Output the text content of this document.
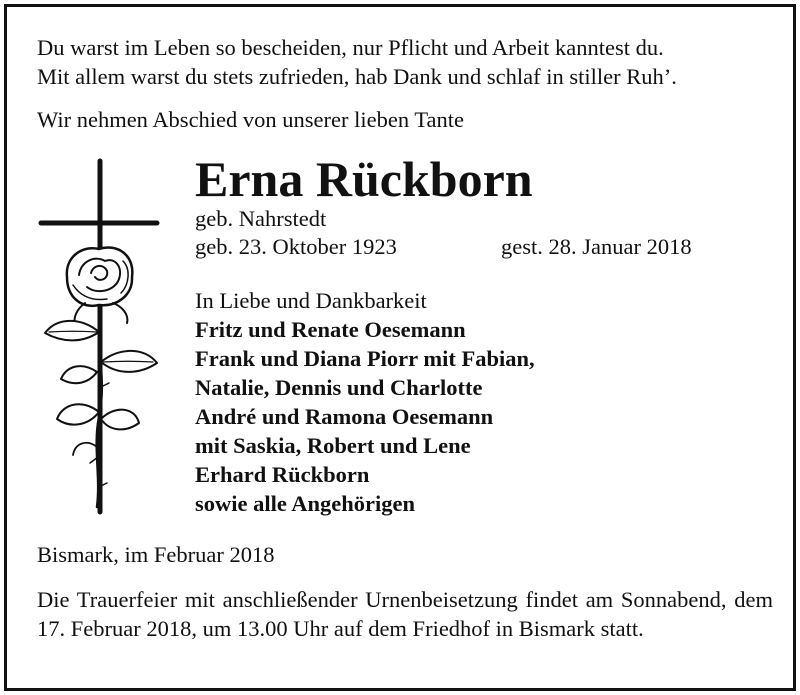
Du warst im Leben so bescheiden, nur Pflicht und Arbeit kanntest du.
Mit allem warst du stets zufrieden, hab Dank und schlaf in stiller Ruh’.
Wir nehmen Abschied von unserer lieben Tante
Erna Rückborn
geb. Nahrstedt
geb. 23. Oktober 1923	gest. 28. Januar 2018
In Liebe und Dankbarkeit
Fritz und Renate Oesemann
Frank und Diana Piorr mit Fabian,
Natalie, Dennis und Charlotte
André und Ramona Oesemann
mit Saskia, Robert und Lene
Erhard Rückborn
sowie alle Angehörigen
Bismark, im Februar 2018
Die Trauerfeier mit anschließender Urnenbeisetzung findet am Sonnabend, dem 17. Februar 2018, um 13.00 Uhr auf dem Friedhof in Bismark statt.
